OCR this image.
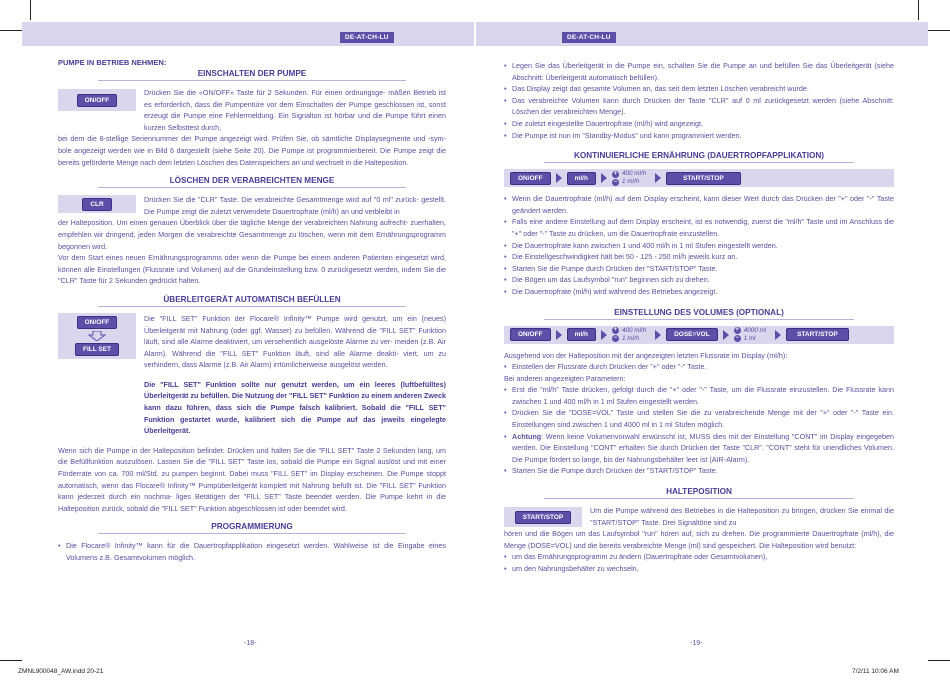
DE-AT-CH-LU	DE-AT-CH-LU
PUMPE IN BETRIEB NEHMEN:
EINSCHALTEN DER PUMPE
ON/OFF
Drücken Sie die «ON/OFF» Taste für 2 Sekunden. Für einen ordnungsge- mäßen Betrieb ist es erforderlich, dass die Pumpentüre vor dem Einschalten der Pumpe geschlossen ist, sonst erzeugt die Pumpe eine Fehlermeldung. Ein Signalton ist hörbar und die Pumpe führt einen kurzen Selbsttest durch,
bei dem die 8-stellige Seriennummer der Pumpe angezeigt wird. Prüfen Sie, ob sämtliche Displaysegmente und -sym- bole angezeigt werden wie in Bild 6 dargestellt (siehe Seite 20). Die Pumpe ist programmierbereit. Die Pumpe zeigt die bereits geförderte Menge nach dem letzten Löschen des Datenspeichers an und wechselt in die Halteposition.
LÖSCHEN DER VERABREICHTEN MENGE
CLR	Drücken Sie die "CLR" Taste. Die verabreichte Gesamtmenge wird auf "0 ml" zurück- gestellt. Die Pumpe zeigt die zuletzt verwendete Dauertropfrate (ml/h) an und verbleibt in
der Halteposition. Um einen genauen Überblick über die tägliche Menge der verabreichten Nahrung aufrecht- zuerhalten, empfehlen wir dringend, jeden Morgen die verabreichte Gesamtmenge zu löschen, wenn mit dem Ernährungsprogramm begonnen wird.
Vor dem Start eines neuen Ernährungsprogramms oder wenn die Pumpe bei einem anderen Patienten eingesetzt wird, können alle Einstellungen (Flussrate und Volumen) auf die Grundeinstellung bzw. 0 zurückgesetzt werden, indem Sie die "CLR" Taste für 2 Sekunden gedrückt halten.
ÜBERLEITGERÄT AUTOMATISCH BEFÜLLEN
ON/OFF
FILL SET
Die "FILL SET" Funktion der Flocare® Infinity™ Pumpe wird genutzt, um ein (neues) Überleitgerät mit Nahrung (oder ggf. Wasser) zu befüllen. Während die "FILL SET" Funktion läuft, sind alle Alarme deaktiviert, um versehentlich ausgelöste Alarme zu ver- meiden (z.B. Air Alarm). Während die "FILL SET" Funktion läuft, sind alle Alarme deakti- viert, um zu verhindern, dass Alarme (z.B. Air Alarm) irrtümlicherweise ausgelöst werden.
Die "FILL SET" Funktion sollte nur genutzt werden, um ein leeres (luftbefülltes) Überleitgerät zu befüllen. Die Nutzung der "FILL SET" Funktion zu einem anderen Zweck kann dazu führen, dass sich die Pumpe falsch kalibriert. Sobald die "FILL SET" Funktion gestartet wurde, kalibriert sich die Pumpe auf das jeweils eingelegte Überleitgerät.
Wenn sich die Pumpe in der Halteposition befindet: Drücken und halten Sie die "FILL SET" Taste 2 Sekunden lang, um die Befüllfunktion auszulösen. Lassen Sie die "FILL SET" Taste los, sobald die Pumpe ein Signal auslöst und mit einer Förderrate von ca. 700 ml/Std. zu pumpen beginnt. Dabei muss "FILL SET" im Display erscheinen. Die Pumpe stoppt automatisch, wenn das Flocare® Infinity™ Pumpüberleitgerät komplett mit Nahrung befüllt ist. Die "FILL SET" Funktion kann jederzeit durch ein nochma- liges Betätigen der "FILL SET" Taste beendet werden. Die Pumpe kehrt in die Halteposition zurück, sobald die "FILL SET" Funktion abgeschlossen ist oder beendet wird.
PROGRAMMIERUNG
• Die Flocare® Infinity™ kann für die Dauertropfapplikation eingesetzt werden. Wahlweise ist die Eingabe eines Volumens z.B. Gesamtvolumen möglich.
-18-
• Legen Sie das Überleitgerät in die Pumpe ein, schalten Sie die Pumpe an und befüllen Sie das Überleitgerät (siehe Abschnitt: Überleitgerät automatisch befüllen).
• Das Display zeigt das gesamte Volumen an, das seit dem letzten Löschen verabreicht wurde.
• Das verabreichte Volumen kann durch Drücken der Taste "CLR" auf 0 ml zurückgesetzt werden (siehe Abschnitt: Löschen der verabreichten Menge).
• Die zuletzt eingestellte Dauertropfrate (ml/h) wird angezeigt.
• Die Pumpe ist nun im "Standby-Modus" und kann programmiert werden.
KONTINUIERLICHE ERNÄHRUNG (DAUERTROPFAPPLIKATION)
ON/OFF	ml/h
+ 400 ml/h
− 1 ml/h	START/STOP
• Wenn die Dauertropfrate (ml/h) auf dem Display erscheint, kann dieser Wert durch das Drücken der "+" oder "-" Taste geändert werden.
• Falls eine andere Einstellung auf dem Display erscheint, ist es notwendig, zuerst die "ml/h" Taste und im Anschluss die "+" oder "-" Taste zu drücken, um die Dauertropfrate einzustellen.
• Die Dauertropfrate kann zwischen 1 und 400 ml/h in 1 ml Stufen eingestellt werden.
• Die Einstellgeschwindigkeit hält bei 50 - 125 - 250 ml/h jeweils kurz an.
• Starten Sie die Pumpe durch Drücken der "START/STOP" Taste.
• Die Bögen um das Laufsymbol "run" beginnen sich zu drehen.
• Die Dauertropfrate (ml/h) wird während des Betriebes angezeigt.
EINSTELLUNG DES VOLUMES (OPTIONAL)
ON/OFF	ml/h
+ 400 ml/h
− 1 ml/h	DOSE=VOL
+ 4000 ml
− 1 ml	START/STOP
Ausgehend von der Halteposition mit der angezeigten letzten Flussrate im Display (ml/h):
• Einstellen der Flussrate durch Drücken der "+" oder "-" Taste.
Bei anderen angezeigten Parametern:
• Erst die "ml/h" Taste drücken, gefolgt durch die "+" oder "-" Taste, um die Flussrate einzustellen. Die Flussrate kann zwischen 1 und 400 ml/h in 1 ml Stufen eingestellt werden.
• Drücken Sie die "DOSE=VOL" Taste und stellen Sie die zu verabreichende Menge mit der "+" oder "-" Taste ein. Einstellungen sind zwischen 1 und 4000 ml in 1 ml Stufen möglich.
• Achtung: Wenn keine Volumenvorwahl erwünscht ist, MUSS dies mit der Einstellung "CONT" im Display eingegeben werden. Die Einstellung "CONT" erhalten Sie durch Drücken der Taste "CLR". "CONT" steht für unendliches Volumen. Die Pumpe fördert so lange, bis der Nahrungsbehälter leer ist (AIR-Alarm).
• Starten Sie die Pumpe durch Drücken der "START/STOP" Taste.
HALTEPOSITION
START/STOP
Um die Pumpe während des Betriebes in die Halteposition zu bringen, drücken Sie einmal die "START/STOP" Taste. Drei Signaltöne sind zu
hören und die Bögen um das Laufsymbol "run" hören auf, sich zu drehen. Die programmierte Dauertropfrate (ml/h), die Menge (DOSE=VOL) und die bereits verabreichte Menge (ml) sind gespeichert. Die Halteposition wird benutzt:
• um das Ernährungsprogramm zu ändern (Dauertropfrate oder Gesamtvolumen),
• um den Nahrungsbehälter zu wechseln,
-19-
ZMNL900048_AW.indd 20-21	7/2/11 10:06 AM
